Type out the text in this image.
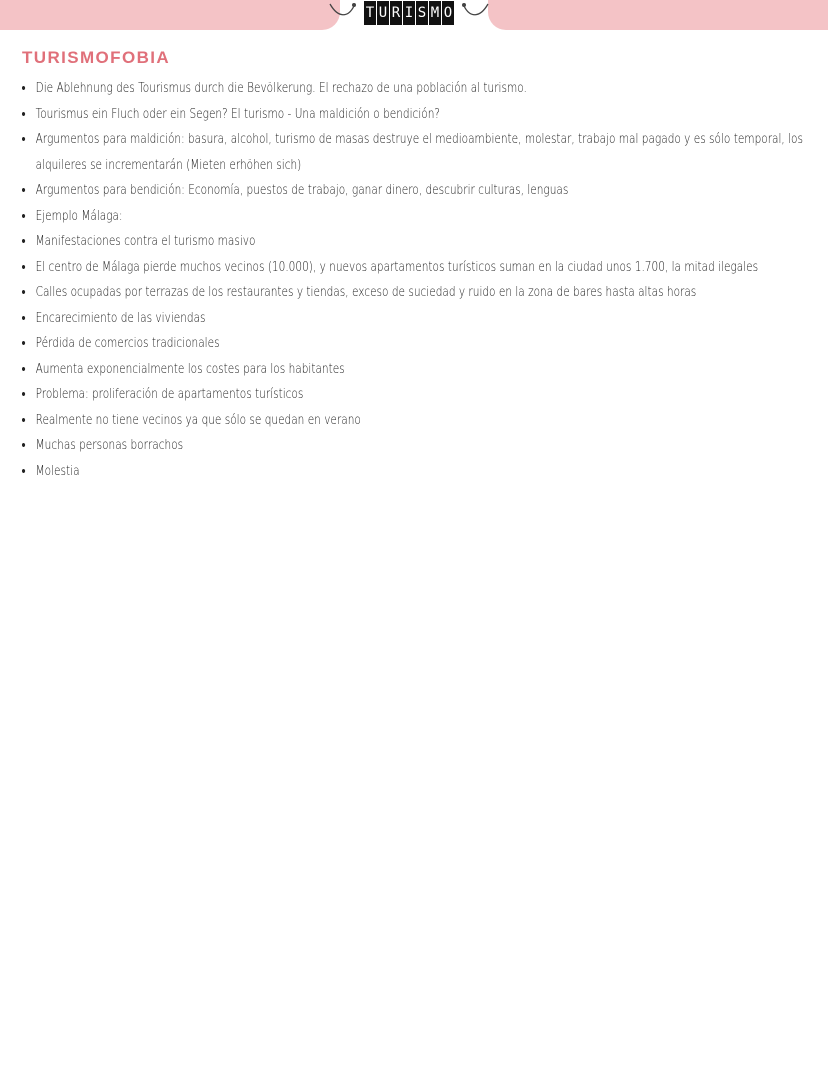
T U R I S M O
TURISMOFOBIA
• Die Ablehnung des Tourismus durch die Bevölkerung. El rechazo de una población al turismo.
• Tourismus ein Fluch oder ein Segen? El turismo - Una maldición o bendición?
• Argumentos para maldición: basura, alcohol, turismo de masas destruye el medioambiente, molestar, trabajo mal pagado y es sólo temporal, los alquileres se incrementarán (Mieten erhöhen sich)
• Argumentos para bendición: Economía, puestos de trabajo, ganar dinero, descubrir culturas, lenguas
• Ejemplo Málaga:
• Manifestaciones contra el turismo masivo
• El centro de Málaga pierde muchos vecinos (10.000), y nuevos apartamentos turísticos suman en la ciudad unos 1.700, la mitad ilegales
• Calles ocupadas por terrazas de los restaurantes y tiendas, exceso de suciedad y ruido en la zona de bares hasta altas horas
• Encarecimiento de las viviendas
• Pérdida de comercios tradicionales
• Aumenta exponencialmente los costes para los habitantes
• Problema: proliferación de apartamentos turísticos
• Realmente no tiene vecinos ya que sólo se quedan en verano
• Muchas personas borrachos
• Molestia
